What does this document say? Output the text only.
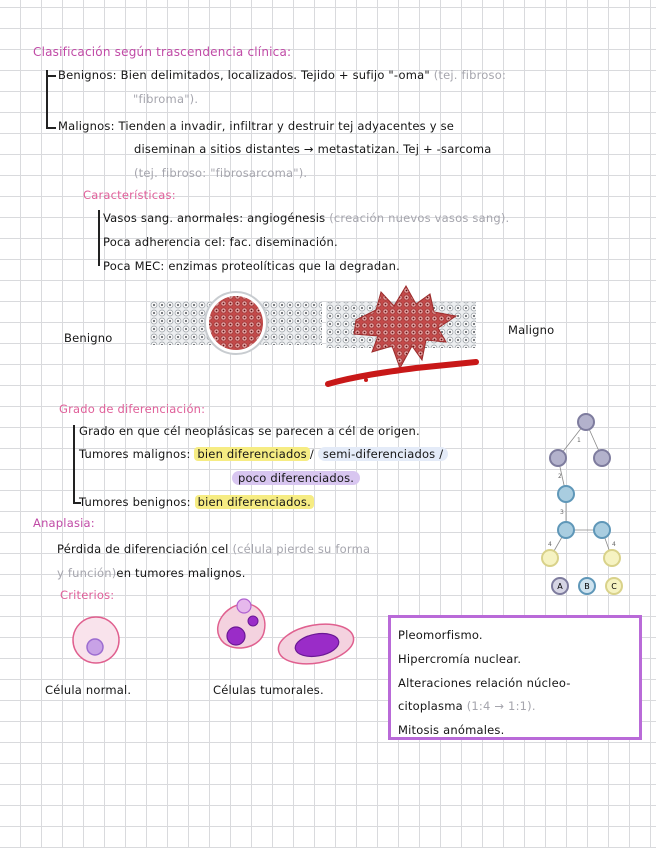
Clasificación según trascendencia clínica:
Benignos: Bien delimitados, localizados. Tejido + sufijo "-oma" (tej. fibroso:
"fibroma").
Malignos: Tienden a invadir, infiltrar y destruir tej adyacentes y se
diseminan a sitios distantes → metastatizan. Tej + -sarcoma
(tej. fibroso: "fibrosarcoma").
Características:
Vasos sang. anormales: angiogénesis (creación nuevos vasos sang).
Poca adherencia cel: fac. diseminación.
Poca MEC: enzimas proteolíticas que la degradan.
Benigno
Maligno
Grado de diferenciación:
Grado en que cél neoplásicas se parecen a cél de origen.
Tumores malignos: bien diferenciados / semi-diferenciados /
poco diferenciados.
Tumores benignos: bien diferenciados.
1
2
3
4	4
A	B	C
Anaplasia:
Pérdida de diferenciación cel (célula pierde su forma
y función)en tumores malignos.
Criterios:
Célula normal.	Células tumorales.
Pleomorfismo.
Hipercromía nuclear.
Alteraciones relación núcleo-
citoplasma (1:4 → 1:1).
Mitosis anómales.
